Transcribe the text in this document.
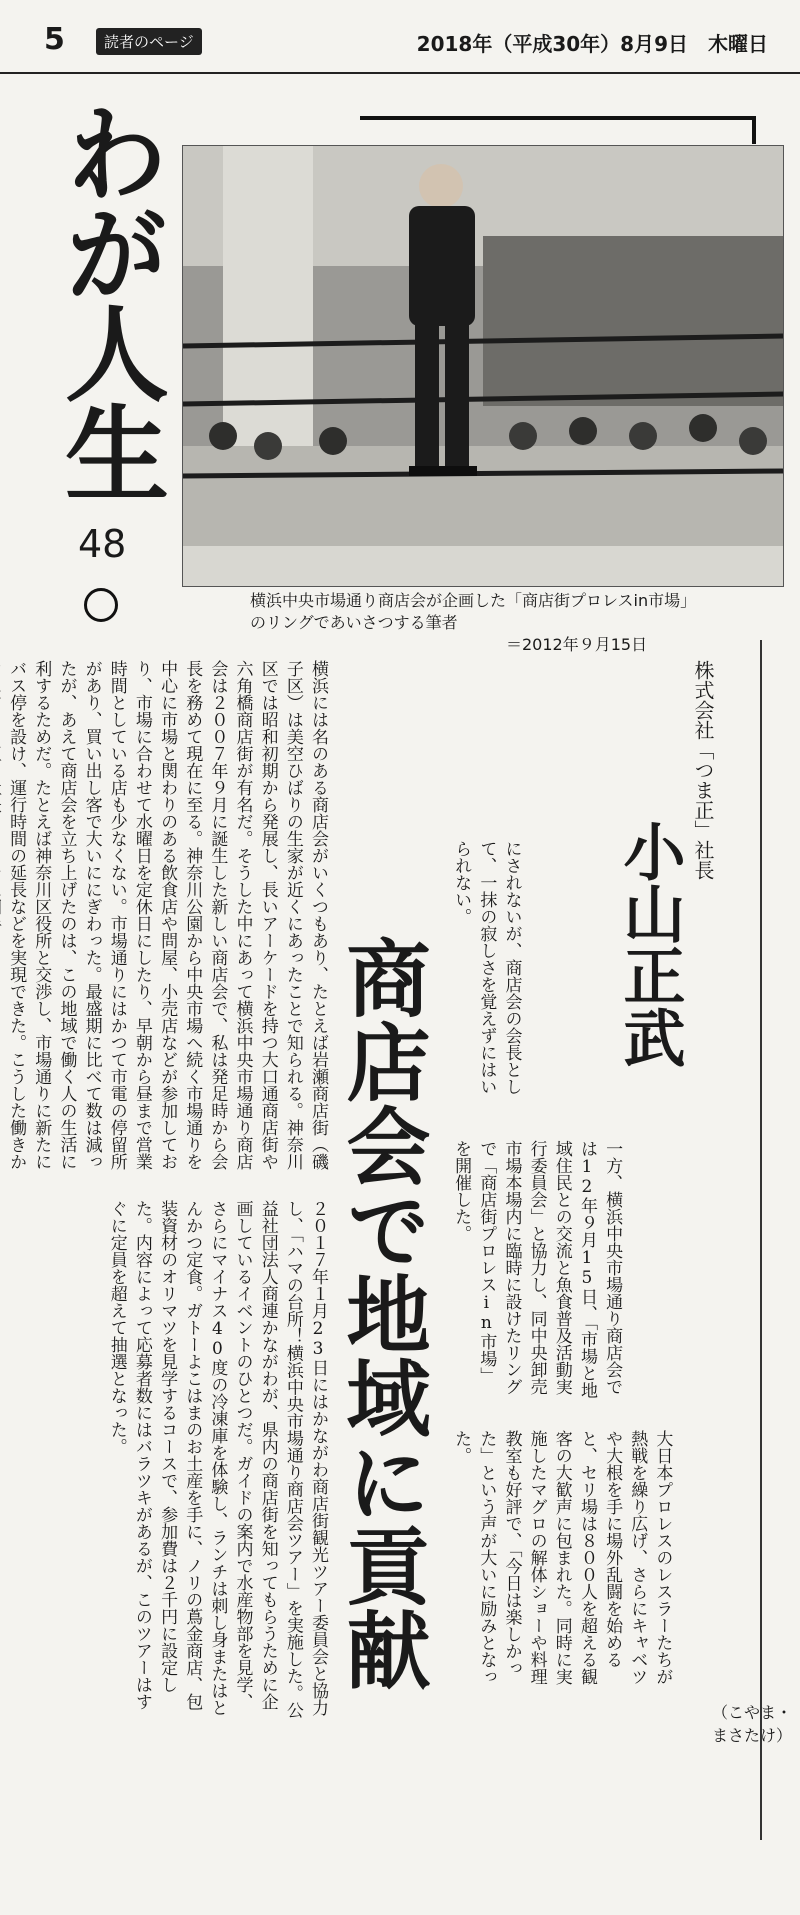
5	読者のページ	2018年（平成30年）8月9日　木曜日
わが人生
48
横浜中央市場通り商店会が企画した「商店街プロレスin市場」のリングであいさつする筆者
＝2012年９月15日
株式会社「つま正」社長
小山正武
商店会で地域に貢献	にされないが、商店会の会長として、一抹の寂しさを覚えずにはいられない。
一方、横浜中央市場通り商店会では12年９月15日、「市場と地域住民との交流と魚食普及活動実行委員会」と協力し、同中央卸売市場本場内に臨時に設けたリングで「商店街プロレスin市場」を開催した。
大日本プロレスのレスラーたちが熱戦を繰り広げ、さらにキャベツや大根を手に場外乱闘を始めると、セリ場は８００人を超える観客の大歓声に包まれた。同時に実施したマグロの解体ショーや料理教室も好評で、「今日は楽しかった」という声が大いに励みとなった。
横浜には名のある商店会がいくつもあり、たとえば岩瀬商店街（磯子区）は美空ひばりの生家が近くにあったことで知られる。神奈川区では昭和初期から発展し、長いアーケードを持つ大口通商店街や六角橋商店街が有名だ。そうした中にあって横浜中央市場通り商店会は２００７年９月に誕生した新しい商店会で、私は発足時から会長を務めて現在に至る。神奈川公園から中央市場へ続く市場通りを中心に市場と関わりのある飲食店や問屋、小売店などが参加しており、市場に合わせて水曜日を定休日にしたり、早朝から昼まで営業時間としている店も少なくない。市場通りにはかつて市電の停留所があり、買い出し客で大いににぎわった。最盛期に比べて数は減ったが、あえて商店会を立ち上げたのは、この地域で働く人の生活に利するためだ。たとえば神奈川区役所と交渉し、市場通りに新たにバス停を設け、運行時間の延長などを実現できた。こうした働きか
２０１７年１月23日にはかながわ商店街観光ツアー委員会と協力し、「ハマの台所！横浜中央市場通り商店会ツアー」を実施した。公益社団法人商連かながわが、県内の商店街を知ってもらうために企画しているイベントのひとつだ。ガイドの案内で水産物部を見学、さらにマイナス40度の冷凍庫を体験し、ランチは刺し身またはとんかつ定食。ガトーよこはまのお土産を手に、ノリの蔦金商店、包装資材のオリマツを見学するコースで、参加費は２千円に設定した。内容によって応募者数にはバラツキがあるが、このツアーはすぐに定員を超えて抽選となった。
（こやま・まさたけ）
